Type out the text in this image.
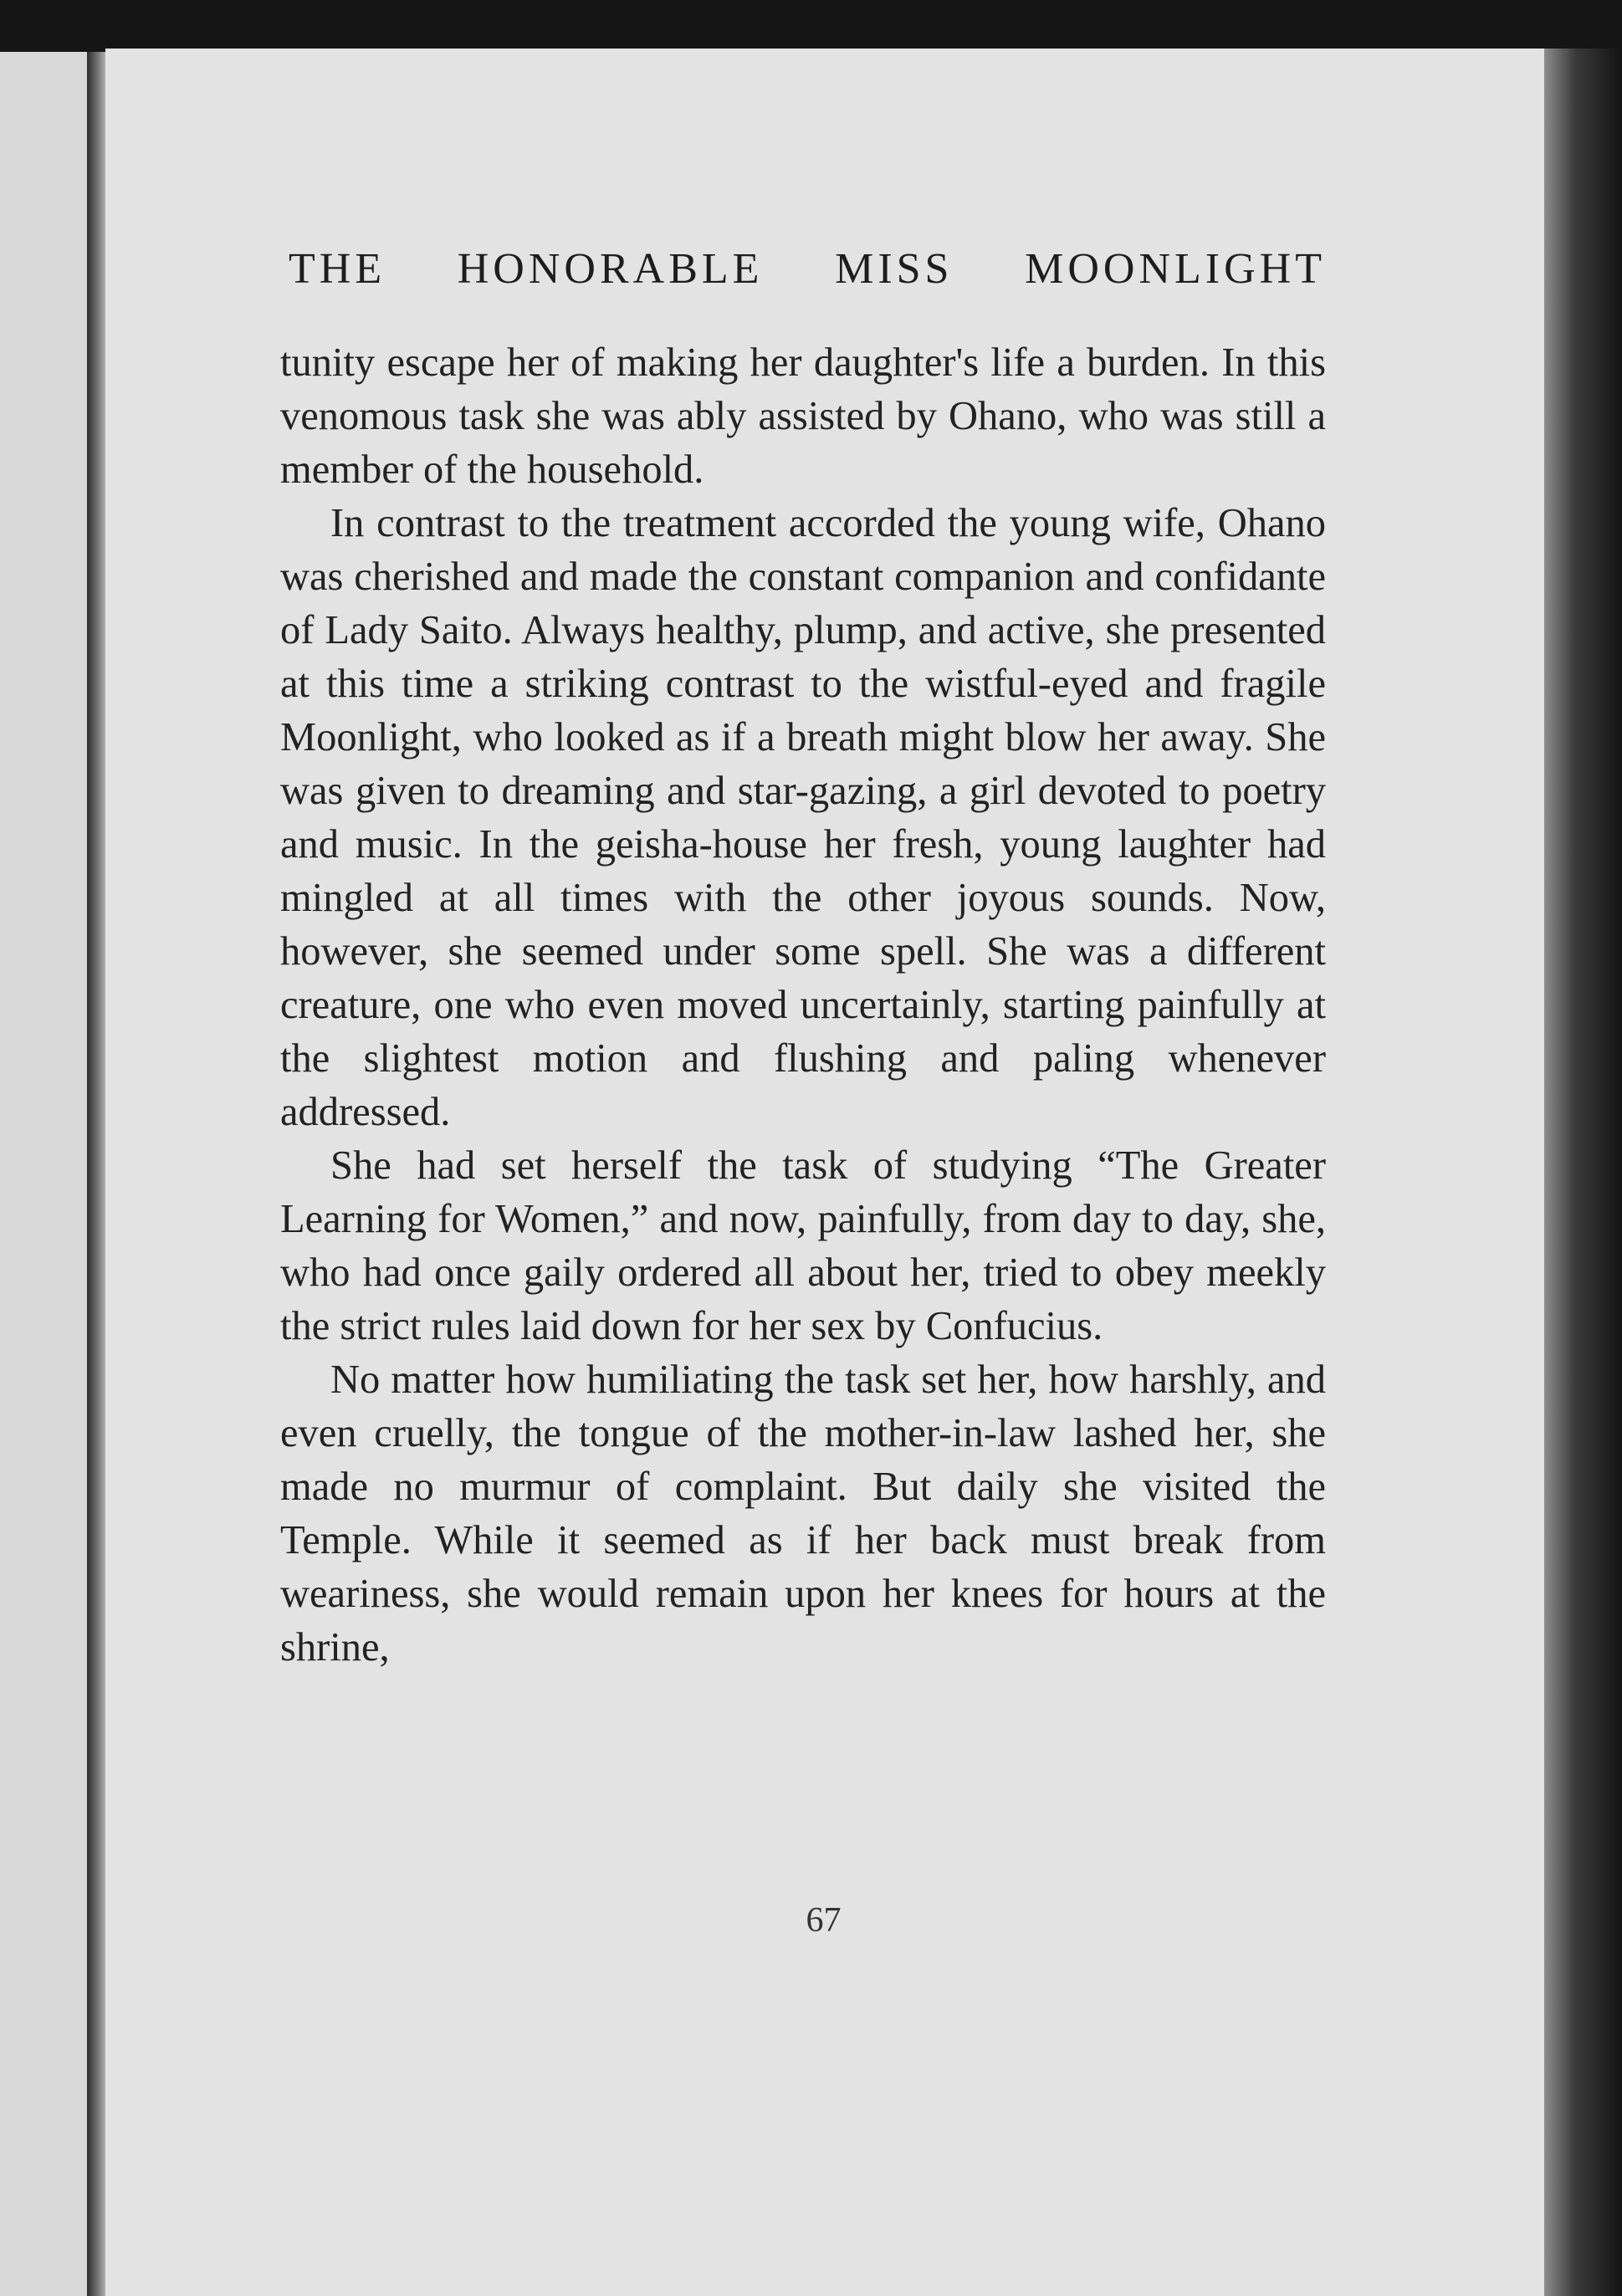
THE HONORABLE MISS MOONLIGHT

tunity escape her of making her daughter's life a burden. In this venomous task she was ably assisted by Ohano, who was still a member of the household.

In contrast to the treatment accorded the young wife, Ohano was cherished and made the constant companion and confidante of Lady Saito. Always healthy, plump, and active, she presented at this time a striking contrast to the wistful-eyed and fragile Moonlight, who looked as if a breath might blow her away. She was given to dreaming and star-gazing, a girl devoted to poetry and music. In the geisha-house her fresh, young laughter had mingled at all times with the other joyous sounds. Now, however, she seemed under some spell. She was a different creature, one who even moved uncertainly, starting painfully at the slightest motion and flushing and paling whenever addressed.

She had set herself the task of studying “The Greater Learning for Women,” and now, painfully, from day to day, she, who had once gaily ordered all about her, tried to obey meekly the strict rules laid down for her sex by Confucius.

No matter how humiliating the task set her, how harshly, and even cruelly, the tongue of the mother-in-law lashed her, she made no murmur of complaint. But daily she visited the Temple. While it seemed as if her back must break from weariness, she would remain upon her knees for hours at the shrine,

67
